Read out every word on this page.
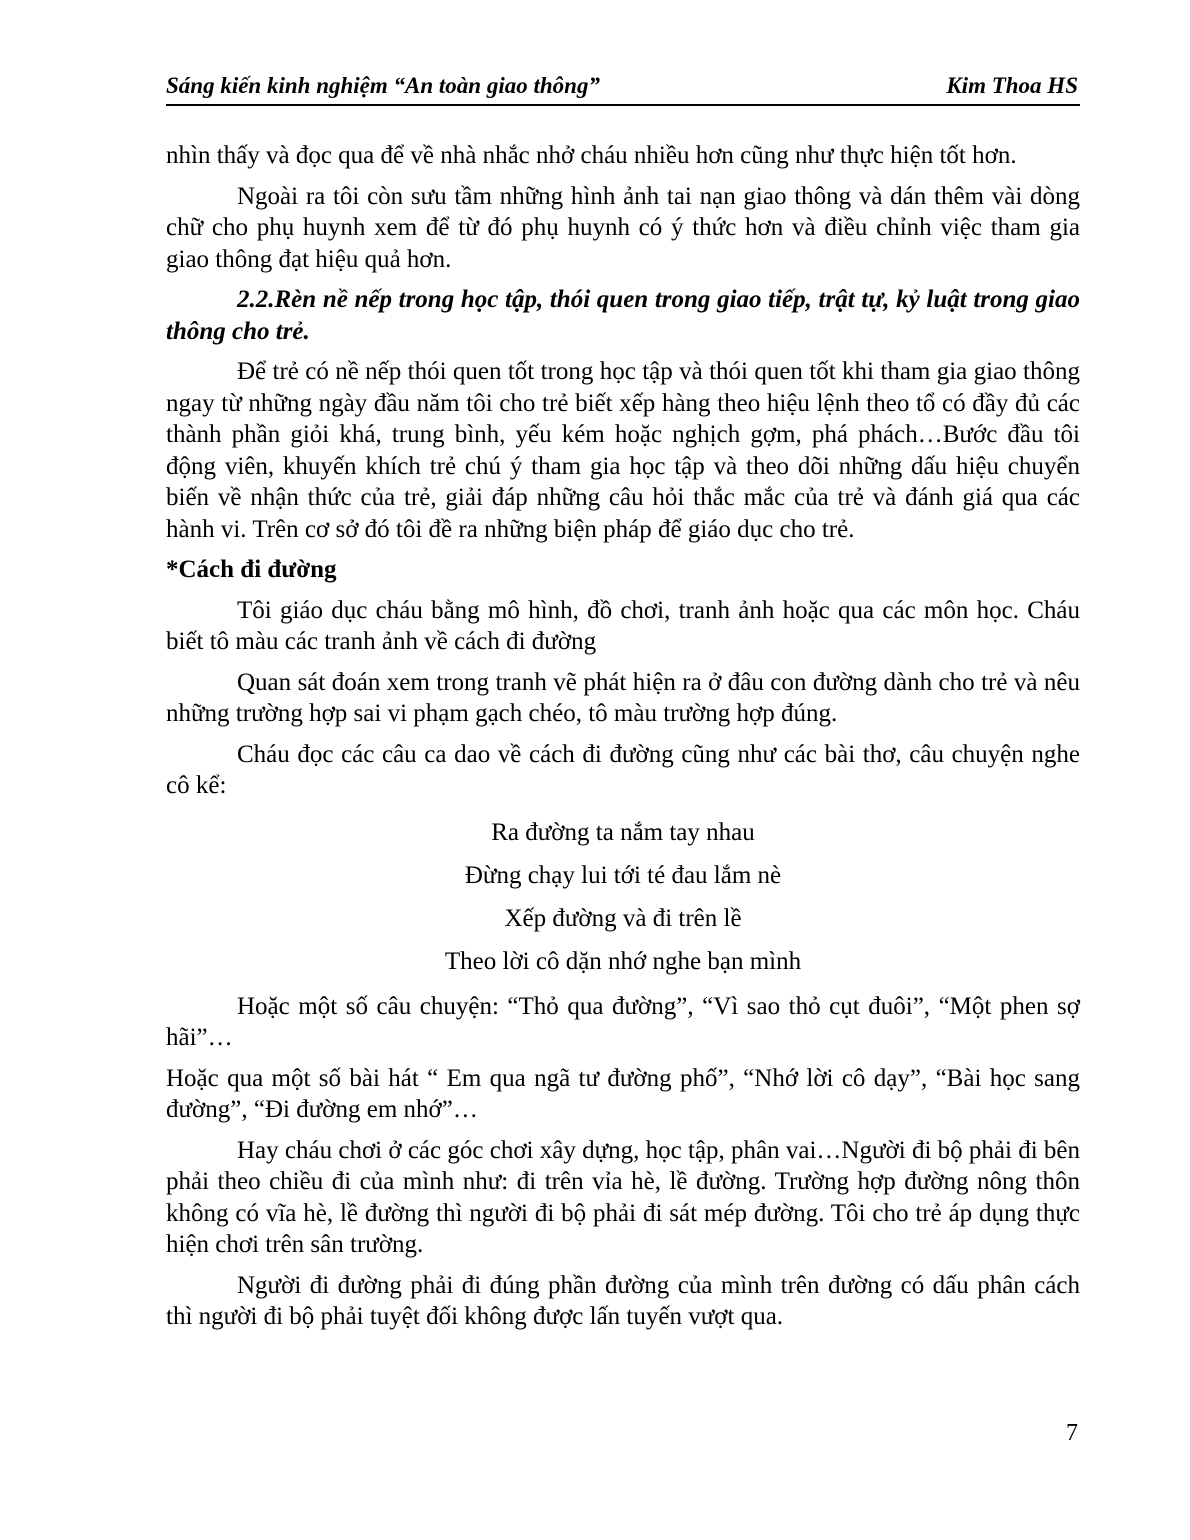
Sáng kiến kinh nghiệm “An toàn giao thông”	Kim Thoa HS

nhìn thấy và đọc qua để về nhà nhắc nhở cháu nhiều hơn cũng như thực hiện tốt hơn.

Ngoài ra tôi còn sưu tầm những hình ảnh tai nạn giao thông và dán thêm vài dòng chữ cho phụ huynh xem để từ đó phụ huynh có ý thức hơn và điều chỉnh việc tham gia giao thông đạt hiệu quả hơn.

2.2.Rèn nề nếp trong học tập, thói quen trong giao tiếp, trật tự, kỷ luật trong giao thông cho trẻ.

Để trẻ có nề nếp thói quen tốt trong học tập và thói quen tốt khi tham gia giao thông ngay từ những ngày đầu năm tôi cho trẻ biết xếp hàng theo hiệu lệnh theo tổ có đầy đủ các thành phần giỏi khá, trung bình, yếu kém hoặc nghịch gợm, phá phách…Bước đầu tôi động viên, khuyến khích trẻ chú ý tham gia học tập và theo dõi những dấu hiệu chuyển biến về nhận thức của trẻ, giải đáp những câu hỏi thắc mắc của trẻ và đánh giá qua các hành vi. Trên cơ sở đó tôi đề ra những biện pháp để giáo dục cho trẻ.

*Cách đi đường

Tôi giáo dục cháu bằng mô hình, đồ chơi, tranh ảnh hoặc qua các môn học. Cháu biết tô màu các tranh ảnh về cách đi đường

Quan sát đoán xem trong tranh vẽ phát hiện ra ở đâu con đường dành cho trẻ và nêu những trường hợp sai vi phạm gạch chéo, tô màu trường hợp đúng.

Cháu đọc các câu ca dao về cách đi đường cũng như các bài thơ, câu chuyện nghe cô kể:

Ra đường ta nắm tay nhau
Đừng chạy lui tới té đau lắm nè
Xếp đường và đi trên lề
Theo lời cô dặn nhớ nghe bạn mình

Hoặc một số câu chuyện: “Thỏ qua đường”, “Vì sao thỏ cụt đuôi”, “Một phen sợ hãi”…

Hoặc qua một số bài hát “ Em qua ngã tư đường phố”, “Nhớ lời cô dạy”, “Bài học sang đường”, “Đi đường em nhớ”…

Hay cháu chơi ở các góc chơi xây dựng, học tập, phân vai…Người đi bộ phải đi bên phải theo chiều đi của mình như: đi trên vỉa hè, lề đường. Trường hợp đường nông thôn không có vĩa hè, lề đường thì người đi bộ phải đi sát mép đường. Tôi cho trẻ áp dụng thực hiện chơi trên sân trường.

Người đi đường phải đi đúng phần đường của mình trên đường có dấu phân cách thì người đi bộ phải tuyệt đối không được lấn tuyến vượt qua.

7
